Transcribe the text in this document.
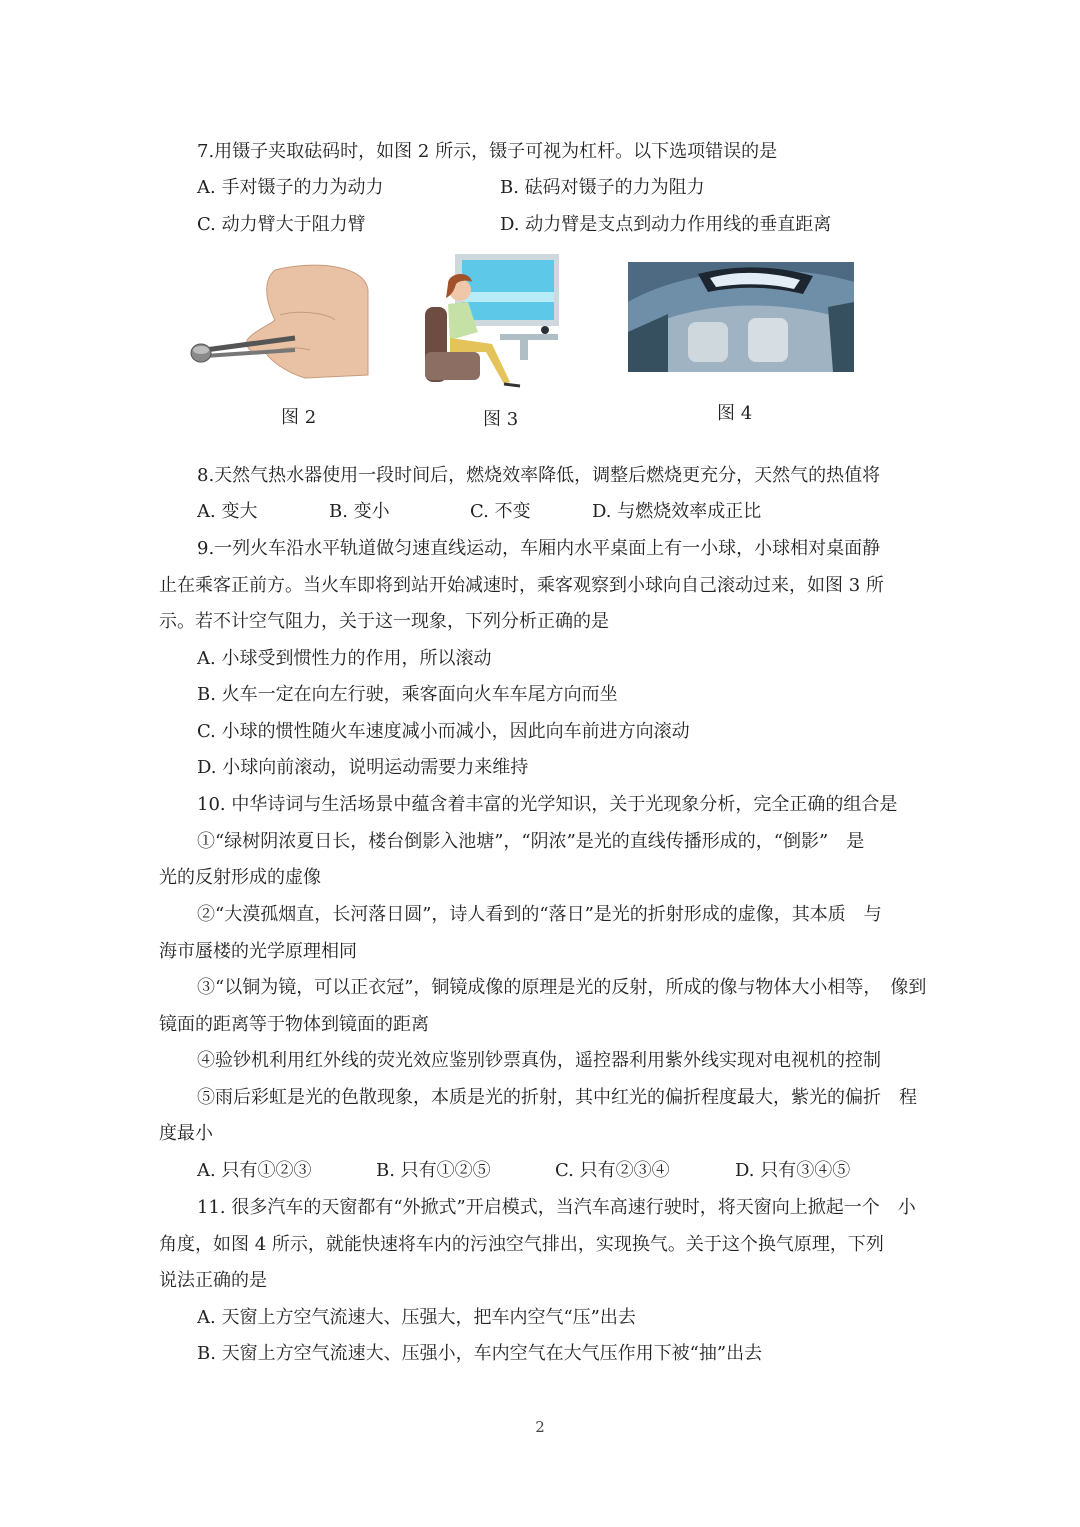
7.用镊子夹取砝码时，如图 2 所示，镊子可视为杠杆。以下选项错误的是
A. 手对镊子的力为动力	B. 砝码对镊子的力为阻力
C. 动力臂大于阻力臂	D. 动力臂是支点到动力作用线的垂直距离
图 2	图 3	图 4
8.天然气热水器使用一段时间后，燃烧效率降低，调整后燃烧更充分，天然气的热值将
A. 变大	B. 变小	C. 不变	D. 与燃烧效率成正比
9.一列火车沿水平轨道做匀速直线运动，车厢内水平桌面上有一小球，小球相对桌面静
止在乘客正前方。当火车即将到站开始减速时，乘客观察到小球向自己滚动过来，如图 3 所
示。若不计空气阻力，关于这一现象，下列分析正确的是
A. 小球受到惯性力的作用，所以滚动
B. 火车一定在向左行驶，乘客面向火车车尾方向而坐
C. 小球的惯性随火车速度减小而减小，因此向车前进方向滚动
D. 小球向前滚动，说明运动需要力来维持
10. 中华诗词与生活场景中蕴含着丰富的光学知识，关于光现象分析，完全正确的组合是
①“绿树阴浓夏日长，楼台倒影入池塘”，“阴浓”是光的直线传播形成的，“倒影”　是
光的反射形成的虚像
②“大漠孤烟直，长河落日圆”，诗人看到的“落日”是光的折射形成的虚像，其本质　与
海市蜃楼的光学原理相同
③“以铜为镜，可以正衣冠”，铜镜成像的原理是光的反射，所成的像与物体大小相等，　像到
镜面的距离等于物体到镜面的距离
④验钞机利用红外线的荧光效应鉴别钞票真伪，遥控器利用紫外线实现对电视机的控制
⑤雨后彩虹是光的色散现象，本质是光的折射，其中红光的偏折程度最大，紫光的偏折　程
度最小
A. 只有①②③	B. 只有①②⑤	C. 只有②③④	D. 只有③④⑤
11. 很多汽车的天窗都有“外掀式”开启模式，当汽车高速行驶时，将天窗向上掀起一个　小
角度，如图 4 所示，就能快速将车内的污浊空气排出，实现换气。关于这个换气原理，下列
说法正确的是
A. 天窗上方空气流速大、压强大，把车内空气“压”出去
B. 天窗上方空气流速大、压强小，车内空气在大气压作用下被“抽”出去
2
